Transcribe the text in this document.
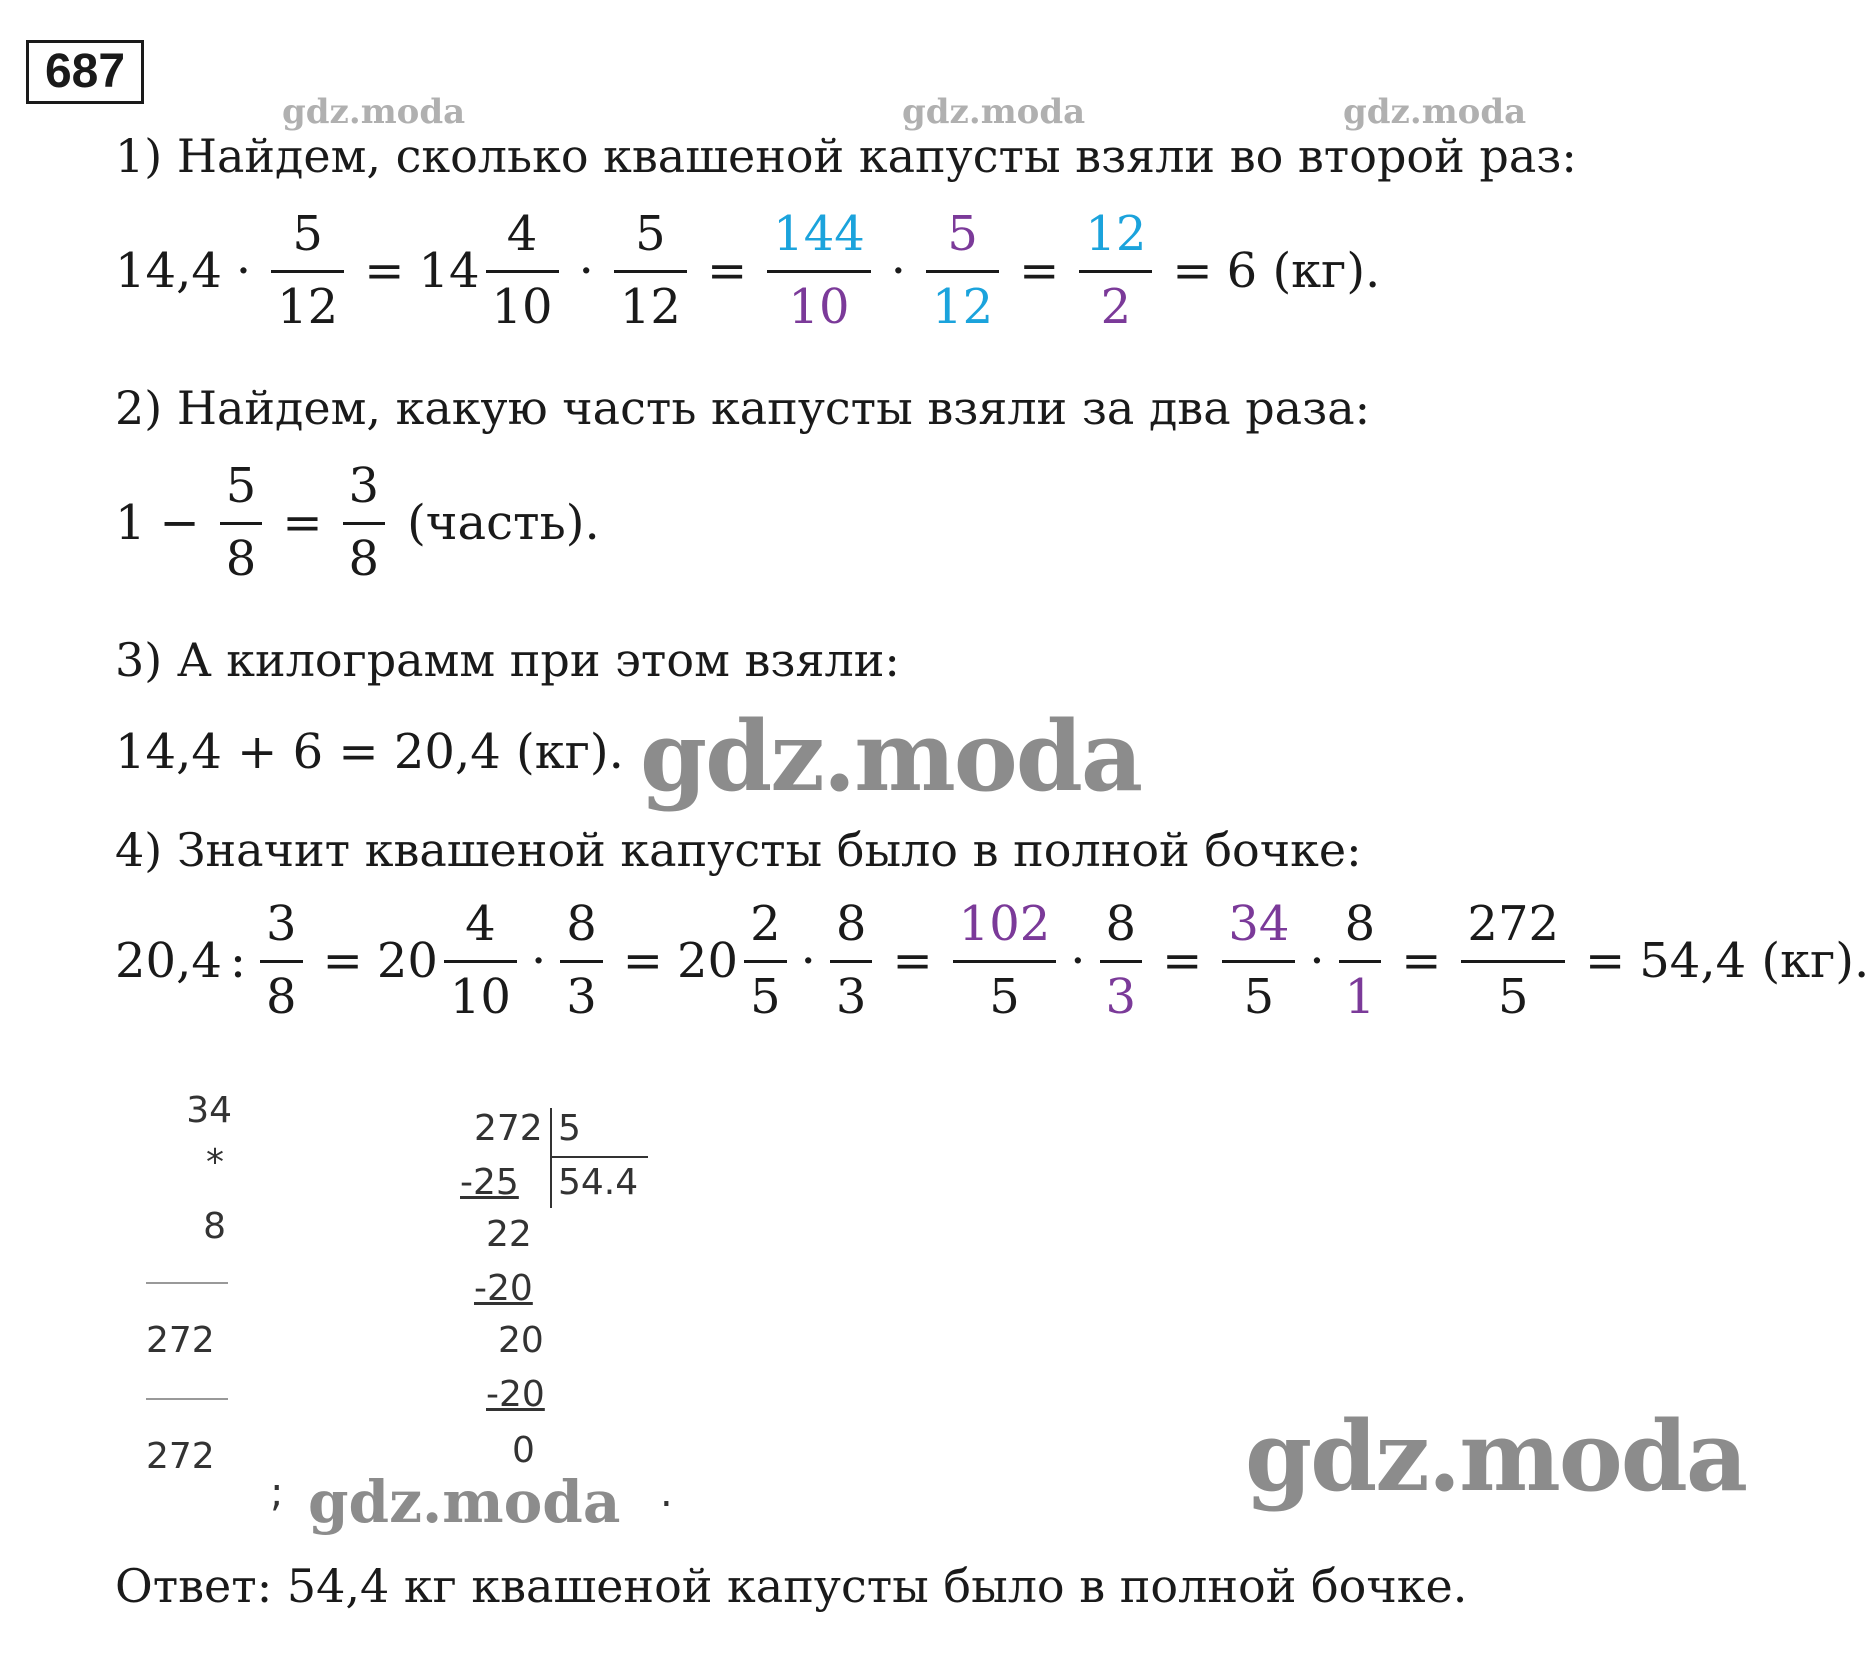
687
gdz.moda	gdz.moda	gdz.moda
1) Найдем, сколько квашеной капусты взяли во второй раз:
$14,4 \cdot \frac{5}{12} = 14 \frac{4}{10} \cdot \frac{5}{12} = \frac{144}{10} \cdot \frac{5}{12} = \frac{12}{2} = 6$ (кг).
2) Найдем, какую часть капусты взяли за два раза:
$1 - \frac{5}{8} = \frac{3}{8}$ (часть).
3) А килограмм при этом взяли:
14,4 + 6 = 20,4 (кг). gdz.moda
4) Значит квашеной капусты было в полной бочке:
20,4 : $\frac{3}{8} = 20 \frac{4}{10} \cdot \frac{8}{3} = 20 \frac{2}{5} \cdot \frac{8}{3} = \frac{102}{5} \cdot \frac{8}{3} = \frac{34}{5} \cdot \frac{8}{1} = \frac{272}{5} = 54,4$ (кг).
34
*
8
272
272
272 5
54.4
-25
22
-20
20
-20
0
; gdz.moda .	gdz.moda
Ответ: 54,4 кг квашеной капусты было в полной бочке.
